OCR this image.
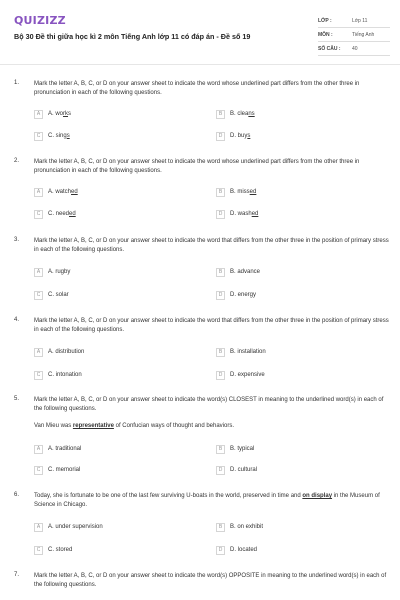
QUIZIZZ
Bộ 30 Đề thi giữa học kì 2 môn Tiếng Anh lớp 11 có đáp án - Đề số 19
LỚP :	Lớp 11
MÔN :	Tiếng Anh
SỐ CÂU :	40
1. Mark the letter A, B, C, or D on your answer sheet to indicate the word whose underlined part differs from the other three in pronunciation in each of the following questions.
A	A. works	B	B. cleans
C	C. sings	D	D. buys
2. Mark the letter A, B, C, or D on your answer sheet to indicate the word whose underlined part differs from the other three in pronunciation in each of the following questions.
A	A. watched	B	B. missed
C	C. needed	D	D. washed
3. Mark the letter A, B, C, or D on your answer sheet to indicate the word that differs from the other three in the position of primary stress in each of the following questions.
A	A. rugby	B	B. advance
C	C. solar	D	D. energy
4. Mark the letter A, B, C, or D on your answer sheet to indicate the word that differs from the other three in the position of primary stress in each of the following questions.
A	A. distribution	B	B. installation
C	C. intonation	D	D. expensive
5. Mark the letter A, B, C, or D on your answer sheet to indicate the word(s) CLOSEST in meaning to the underlined word(s) in each of the following questions.
Van Mieu was representative of Confucian ways of thought and behaviors.
A	A. traditional	B	B. typical
C	C. memorial	D	D. cultural
6. Today, she is fortunate to be one of the last few surviving U-boats in the world, preserved in time and on display in the Museum of Science in Chicago.
A	A. under supervision	B	B. on exhibit
C	C. stored	D	D. located
7. Mark the letter A, B, C, or D on your answer sheet to indicate the word(s) OPPOSITE in meaning to the underlined word(s) in each of the following questions.
